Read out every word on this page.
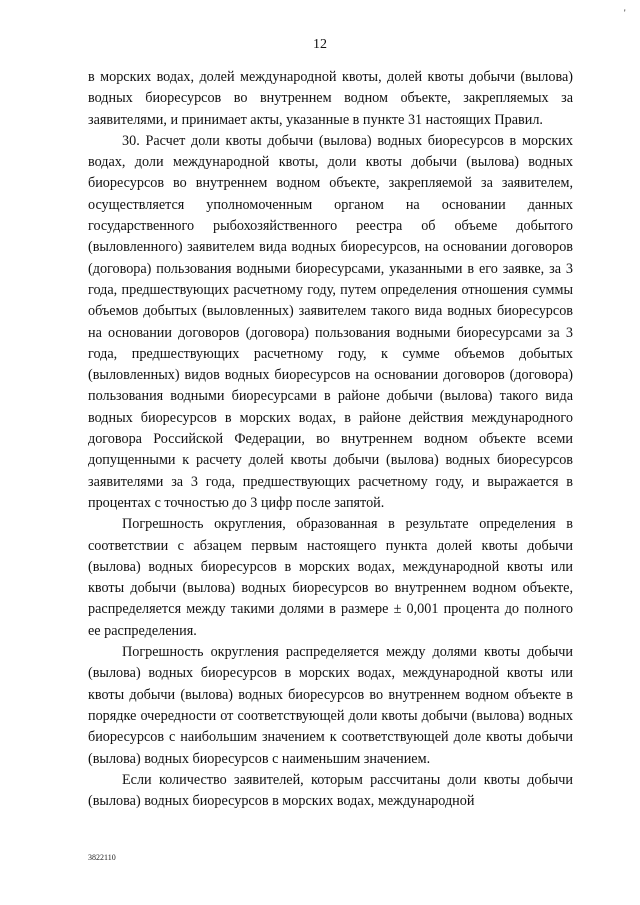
'
12

в морских водах, долей международной квоты, долей квоты добычи (вылова) водных биоресурсов во внутреннем водном объекте, закрепляемых за заявителями, и принимает акты, указанные в пункте 31 настоящих Правил.

30. Расчет доли квоты добычи (вылова) водных биоресурсов в морских водах, доли международной квоты, доли квоты добычи (вылова) водных биоресурсов во внутреннем водном объекте, закрепляемой за заявителем, осуществляется уполномоченным органом на основании данных государственного рыбохозяйственного реестра об объеме добытого (выловленного) заявителем вида водных биоресурсов, на основании договоров (договора) пользования водными биоресурсами, указанными в его заявке, за 3 года, предшествующих расчетному году, путем определения отношения суммы объемов добытых (выловленных) заявителем такого вида водных биоресурсов на основании договоров (договора) пользования водными биоресурсами за 3 года, предшествующих расчетному году, к сумме объемов добытых (выловленных) видов водных биоресурсов на основании договоров (договора) пользования водными биоресурсами в районе добычи (вылова) такого вида водных биоресурсов в морских водах, в районе действия международного договора Российской Федерации, во внутреннем водном объекте всеми допущенными к расчету долей квоты добычи (вылова) водных биоресурсов заявителями за 3 года, предшествующих расчетному году, и выражается в процентах с точностью до 3 цифр после запятой.

Погрешность округления, образованная в результате определения в соответствии с абзацем первым настоящего пункта долей квоты добычи (вылова) водных биоресурсов в морских водах, международной квоты или квоты добычи (вылова) водных биоресурсов во внутреннем водном объекте, распределяется между такими долями в размере ± 0,001 процента до полного ее распределения.

Погрешность округления распределяется между долями квоты добычи (вылова) водных биоресурсов в морских водах, международной квоты или квоты добычи (вылова) водных биоресурсов во внутреннем водном объекте в порядке очередности от соответствующей доли квоты добычи (вылова) водных биоресурсов с наибольшим значением к соответствующей доле квоты добычи (вылова) водных биоресурсов с наименьшим значением.

Если количество заявителей, которым рассчитаны доли квоты добычи (вылова) водных биоресурсов в морских водах, международной

3822110
